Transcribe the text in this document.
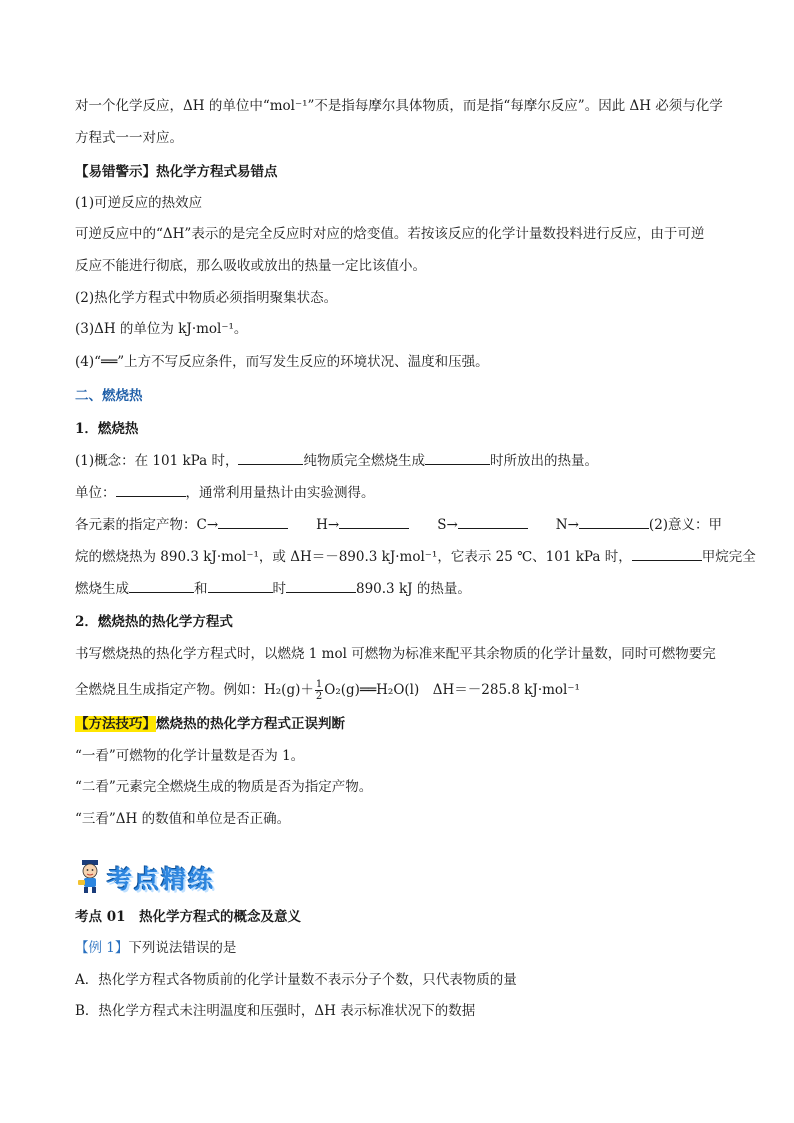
对一个化学反应，ΔH 的单位中“mol⁻¹”不是指每摩尔具体物质，而是指“每摩尔反应”。因此 ΔH 必须与化学
方程式一一对应。
【易错警示】热化学方程式易错点
(1)可逆反应的热效应
可逆反应中的“ΔH”表示的是完全反应时对应的焓变值。若按该反应的化学计量数投料进行反应，由于可逆
反应不能进行彻底，那么吸收或放出的热量一定比该值小。
(2)热化学方程式中物质必须指明聚集状态。
(3)ΔH 的单位为 kJ·mol⁻¹。
(4)“══”上方不写反应条件，而写发生反应的环境状况、温度和压强。
二、燃烧热
1．燃烧热
(1)概念：在 101 kPa 时，	纯物质完全燃烧生成	时所放出的热量。
单位：	，通常利用量热计由实验测得。
各元素的指定产物：C→	H→	S→	N→	(2)意义：甲
烷的燃烧热为 890.3 kJ·mol⁻¹，或 ΔH＝－890.3 kJ·mol⁻¹，它表示 25 ℃、101 kPa 时，	甲烷完全
燃烧生成	和	时	890.3 kJ 的热量。
2．燃烧热的热化学方程式
书写燃烧热的热化学方程式时，以燃烧 1 mol 可燃物为标准来配平其余物质的化学计量数，同时可燃物要完
全燃烧且生成指定产物。例如：$H_2(g)+ \frac{1}{2}$ O₂(g)══H₂O(l)　ΔH＝－285.8 kJ·mol⁻¹
【方法技巧】燃烧热的热化学方程式正误判断
“一看”可燃物的化学计量数是否为 1。
“二看”元素完全燃烧生成的物质是否为指定产物。
“三看”ΔH 的数值和单位是否正确。
考点 01　热化学方程式的概念及意义
【例 1】下列说法错误的是
A．热化学方程式各物质前的化学计量数不表示分子个数，只代表物质的量
B．热化学方程式未注明温度和压强时，ΔH 表示标准状况下的数据
考点精练
